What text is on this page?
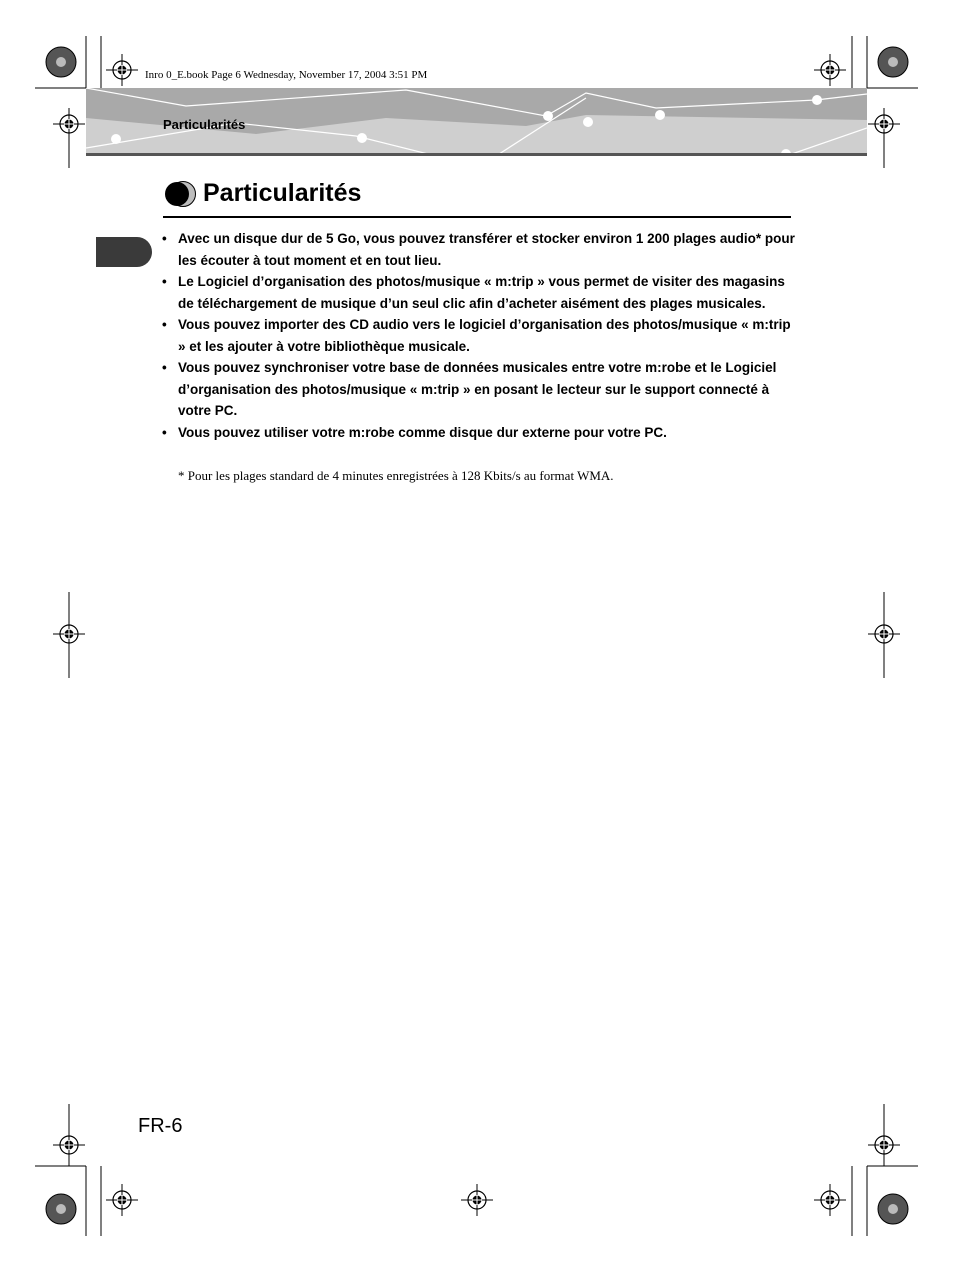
Inro 0_E.book Page 6 Wednesday, November 17, 2004 3:51 PM
Particularités
Particularités
• Avec un disque dur de 5 Go, vous pouvez transférer et stocker environ 1 200 plages audio* pour les écouter à tout moment et en tout lieu.
• Le Logiciel d’organisation des photos/musique « m:trip » vous permet de visiter des magasins de téléchargement de musique d’un seul clic afin d’acheter aisément des plages musicales.
• Vous pouvez importer des CD audio vers le logiciel d’organisation des photos/musique « m:trip » et les ajouter à votre bibliothèque musicale.
• Vous pouvez synchroniser votre base de données musicales entre votre m:robe et le Logiciel d’organisation des photos/musique « m:trip » en posant le lecteur sur le support connecté à votre PC.
• Vous pouvez utiliser votre m:robe comme disque dur externe pour votre PC.
* Pour les plages standard de 4 minutes enregistrées à 128 Kbits/s au format WMA.
FR-6
